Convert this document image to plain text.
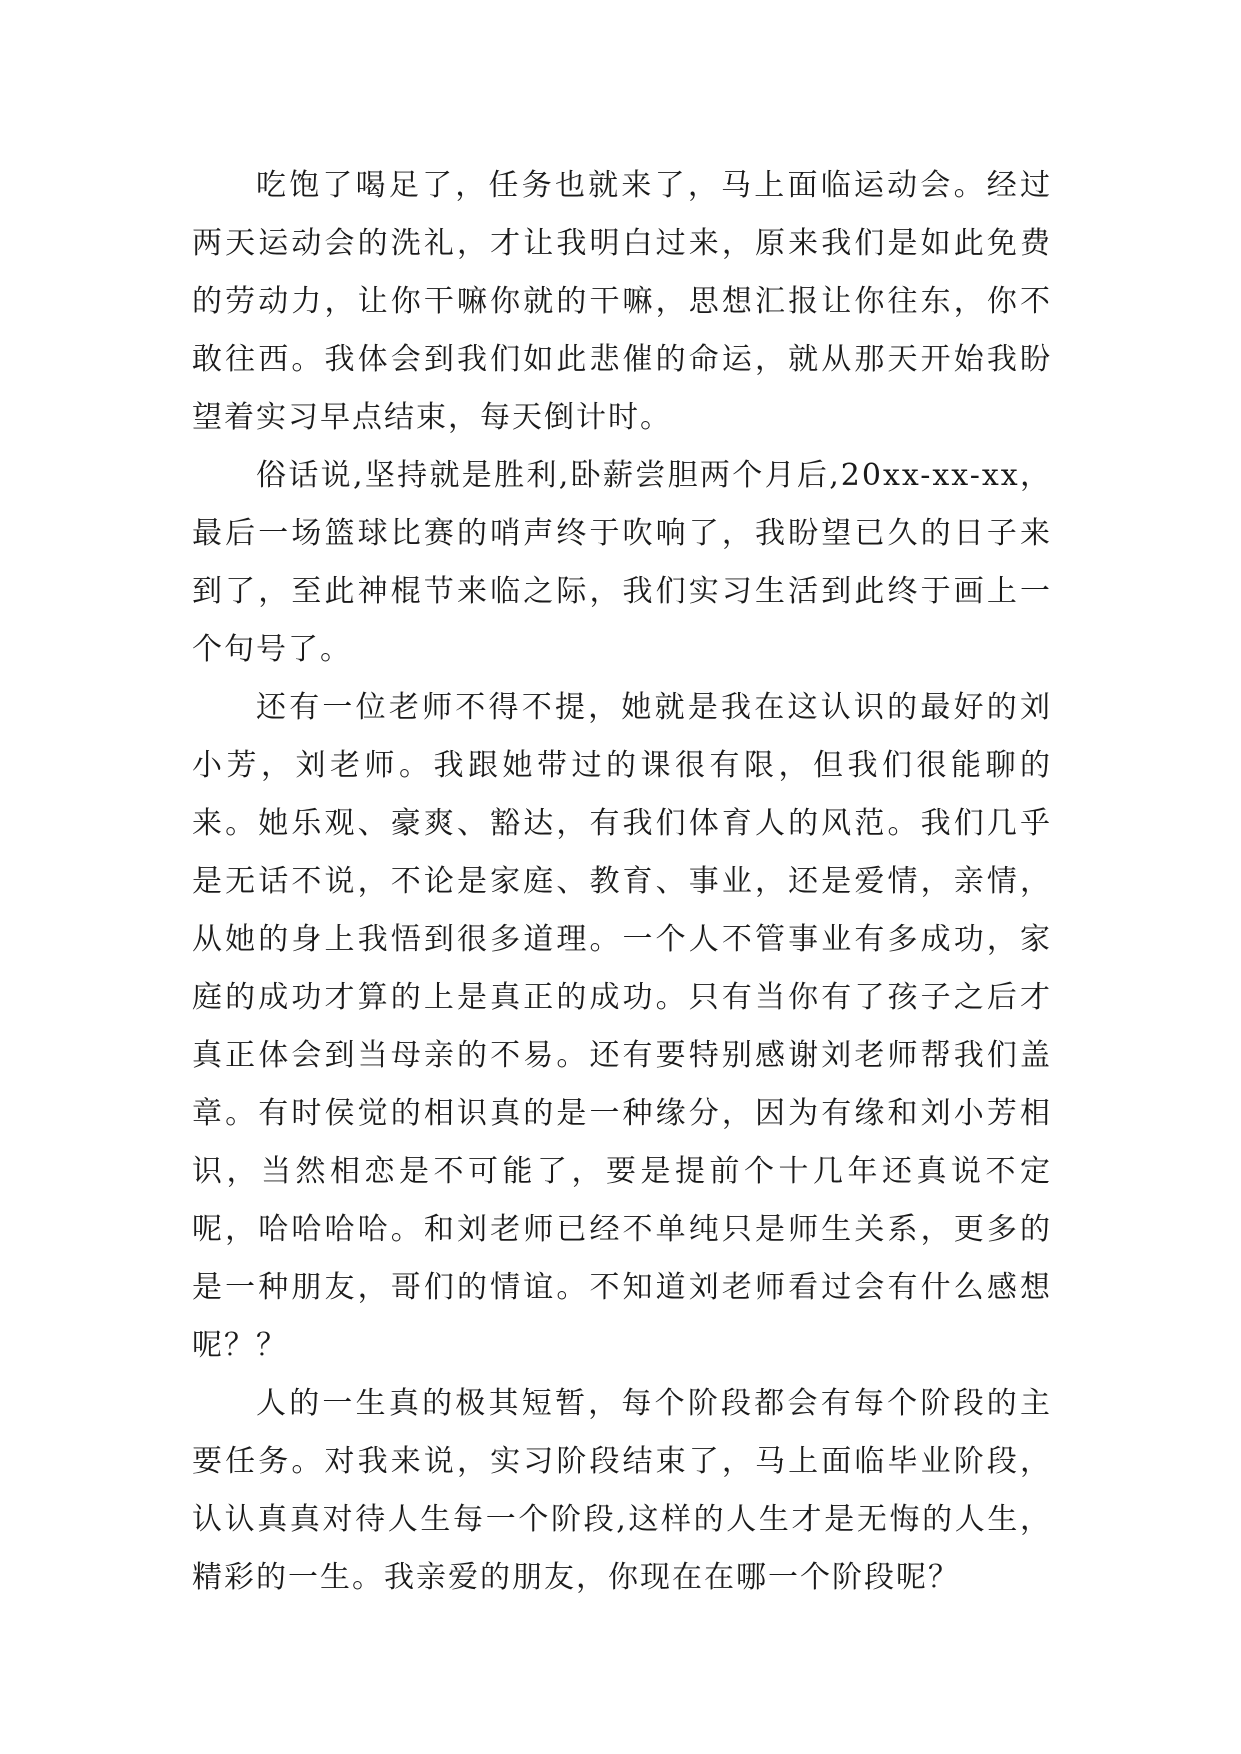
吃饱了喝足了，任务也就来了，马上面临运动会。经过两天运动会的洗礼，才让我明白过来，原来我们是如此免费的劳动力，让你干嘛你就的干嘛，思想汇报让你往东，你不敢往西。我体会到我们如此悲催的命运，就从那天开始我盼望着实习早点结束，每天倒计时。

俗话说,坚持就是胜利,卧薪尝胆两个月后,20xx-xx-xx，最后一场篮球比赛的哨声终于吹响了，我盼望已久的日子来到了，至此神棍节来临之际，我们实习生活到此终于画上一个句号了。

还有一位老师不得不提，她就是我在这认识的最好的刘小芳，刘老师。我跟她带过的课很有限，但我们很能聊的来。她乐观、豪爽、豁达，有我们体育人的风范。我们几乎是无话不说，不论是家庭、教育、事业，还是爱情，亲情，从她的身上我悟到很多道理。一个人不管事业有多成功，家庭的成功才算的上是真正的成功。只有当你有了孩子之后才真正体会到当母亲的不易。还有要特别感谢刘老师帮我们盖章。有时侯觉的相识真的是一种缘分，因为有缘和刘小芳相识，当然相恋是不可能了，要是提前个十几年还真说不定呢，哈哈哈哈。和刘老师已经不单纯只是师生关系，更多的是一种朋友，哥们的情谊。不知道刘老师看过会有什么感想呢？？

人的一生真的极其短暂，每个阶段都会有每个阶段的主要任务。对我来说，实习阶段结束了，马上面临毕业阶段，认认真真对待人生每一个阶段,这样的人生才是无悔的人生，精彩的一生。我亲爱的朋友，你现在在哪一个阶段呢？
